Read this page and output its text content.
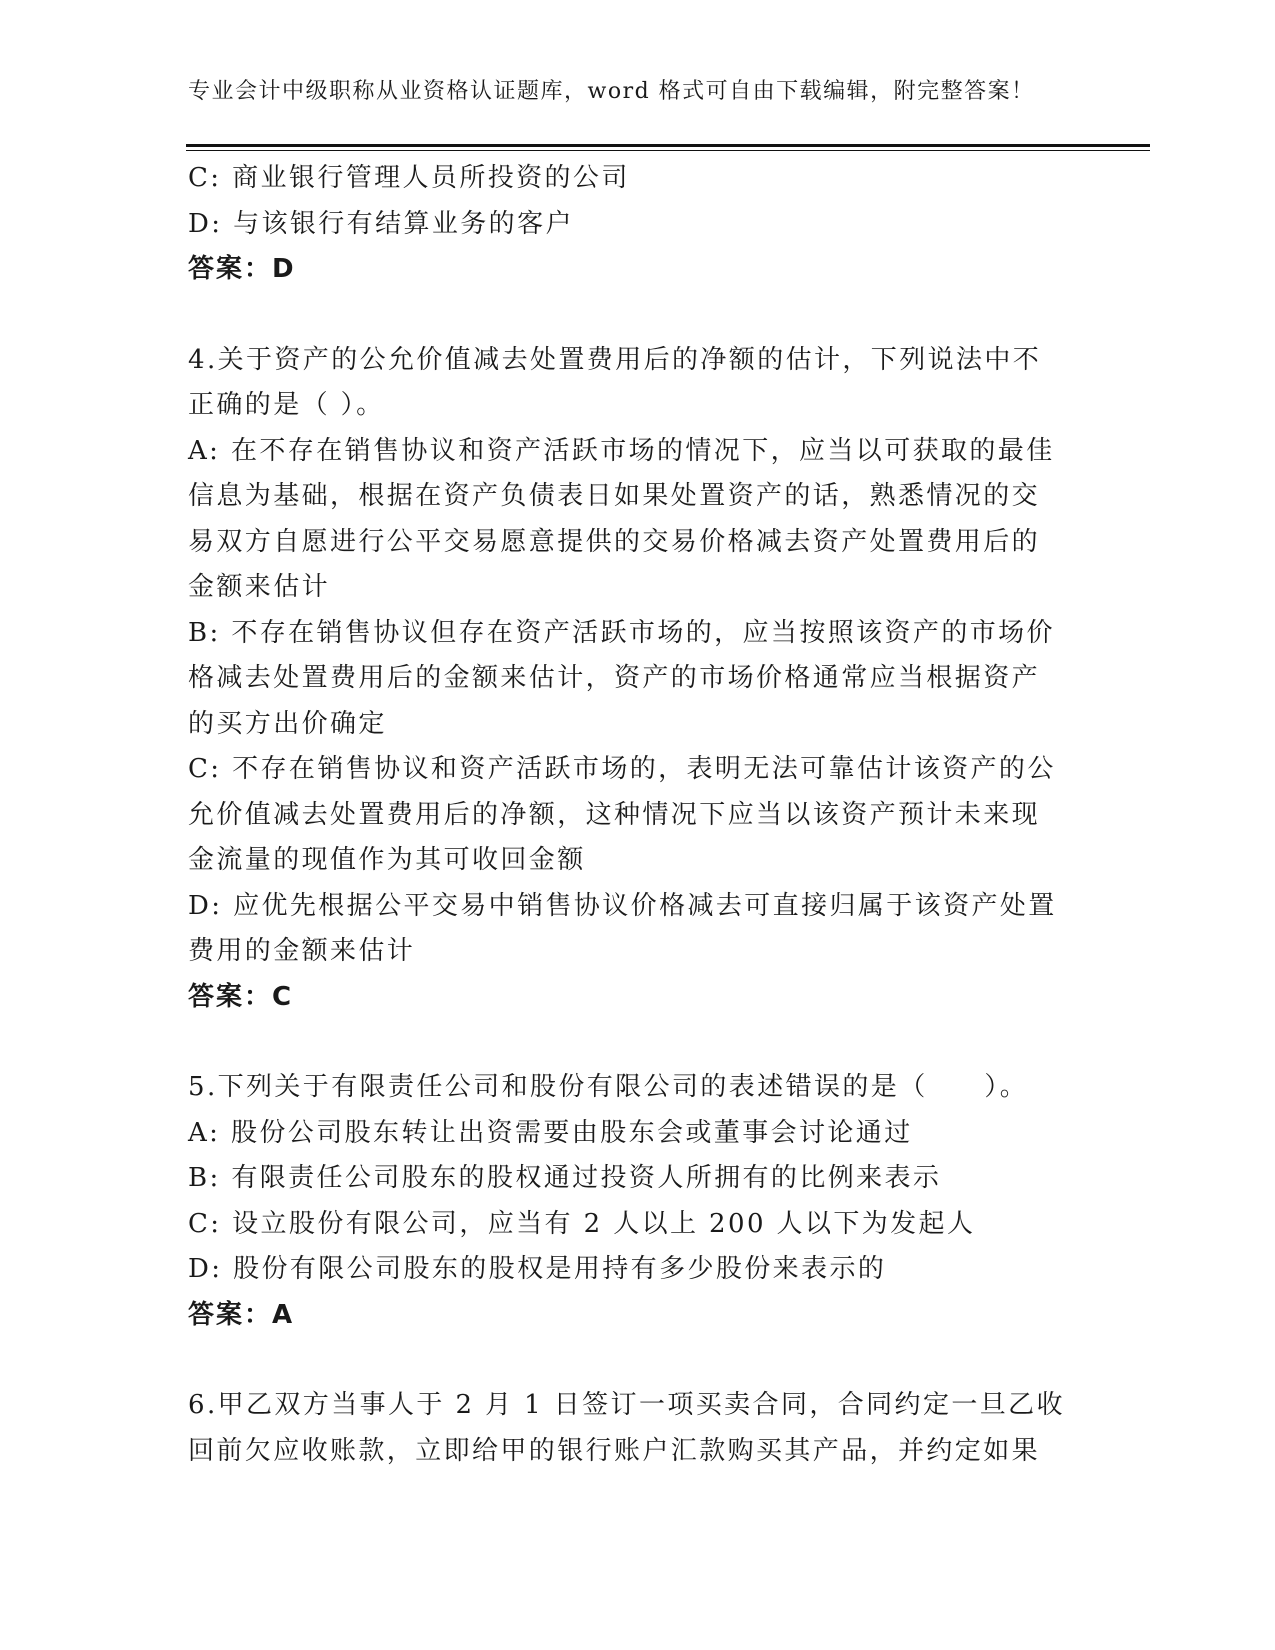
专业会计中级职称从业资格认证题库，word 格式可自由下载编辑，附完整答案！
C: 商业银行管理人员所投资的公司
D: 与该银行有结算业务的客户
答案：D
4.关于资产的公允价值减去处置费用后的净额的估计，下列说法中不
正确的是（ ）。
A: 在不存在销售协议和资产活跃市场的情况下，应当以可获取的最佳
信息为基础，根据在资产负债表日如果处置资产的话，熟悉情况的交
易双方自愿进行公平交易愿意提供的交易价格减去资产处置费用后的
金额来估计
B: 不存在销售协议但存在资产活跃市场的，应当按照该资产的市场价
格减去处置费用后的金额来估计，资产的市场价格通常应当根据资产
的买方出价确定
C: 不存在销售协议和资产活跃市场的，表明无法可靠估计该资产的公
允价值减去处置费用后的净额，这种情况下应当以该资产预计未来现
金流量的现值作为其可收回金额
D: 应优先根据公平交易中销售协议价格减去可直接归属于该资产处置
费用的金额来估计
答案：C
5.下列关于有限责任公司和股份有限公司的表述错误的是（　　）。
A: 股份公司股东转让出资需要由股东会或董事会讨论通过
B: 有限责任公司股东的股权通过投资人所拥有的比例来表示
C: 设立股份有限公司，应当有 2 人以上 200 人以下为发起人
D: 股份有限公司股东的股权是用持有多少股份来表示的
答案：A
6.甲乙双方当事人于 2 月 1 日签订一项买卖合同，合同约定一旦乙收
回前欠应收账款，立即给甲的银行账户汇款购买其产品，并约定如果
